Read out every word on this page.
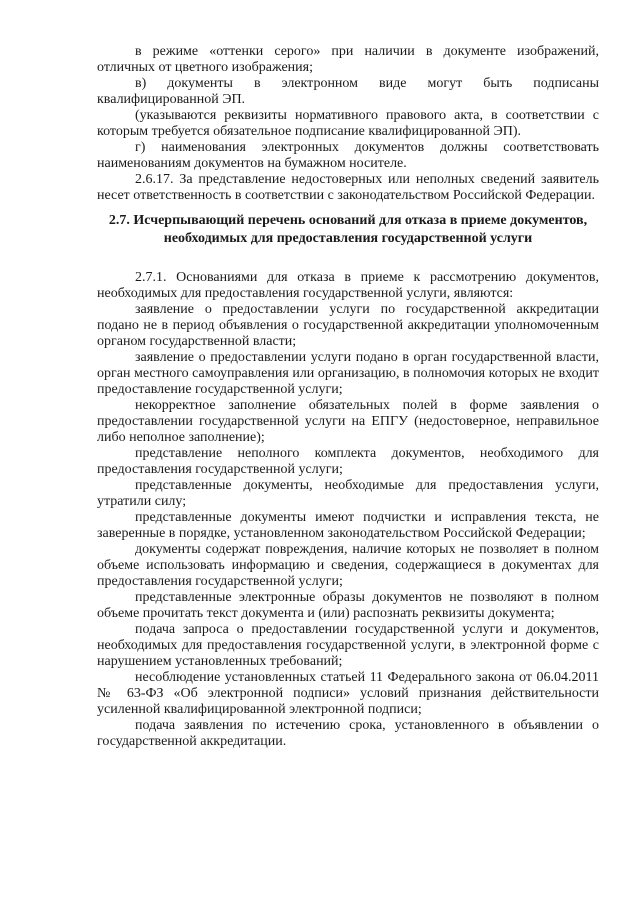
в режиме «оттенки серого» при наличии в документе изображений, отличных от цветного изображения;

в) документы в электронном виде могут быть подписаны квалифицированной ЭП.

(указываются реквизиты нормативного правового акта, в соответствии с которым требуется обязательное подписание квалифицированной ЭП).

г) наименования электронных документов должны соответствовать наименованиям документов на бумажном носителе.

2.6.17. За представление недостоверных или неполных сведений заявитель несет ответственность в соответствии с законодательством Российской Федерации.

2.7. Исчерпывающий перечень оснований для отказа в приеме документов, необходимых для предоставления государственной услуги

2.7.1. Основаниями для отказа в приеме к рассмотрению документов, необходимых для предоставления государственной услуги, являются:

заявление о предоставлении услуги по государственной аккредитации подано не в период объявления о государственной аккредитации уполномоченным органом государственной власти;

заявление о предоставлении услуги подано в орган государственной власти, орган местного самоуправления или организацию, в полномочия которых не входит предоставление государственной услуги;

некорректное заполнение обязательных полей в форме заявления о предоставлении государственной услуги на ЕПГУ (недостоверное, неправильное либо неполное заполнение);

представление неполного комплекта документов, необходимого для предоставления государственной услуги;

представленные документы, необходимые для предоставления услуги, утратили силу;

представленные документы имеют подчистки и исправления текста, не заверенные в порядке, установленном законодательством Российской Федерации;

документы содержат повреждения, наличие которых не позволяет в полном объеме использовать информацию и сведения, содержащиеся в документах для предоставления государственной услуги;

представленные электронные образы документов не позволяют в полном объеме прочитать текст документа и (или) распознать реквизиты документа;

подача запроса о предоставлении государственной услуги и документов, необходимых для предоставления государственной услуги, в электронной форме с нарушением установленных требований;

несоблюдение установленных статьей 11 Федерального закона от 06.04.2011 № 63-ФЗ «Об электронной подписи» условий признания действительности усиленной квалифицированной электронной подписи;

подача заявления по истечению срока, установленного в объявлении о государственной аккредитации.
